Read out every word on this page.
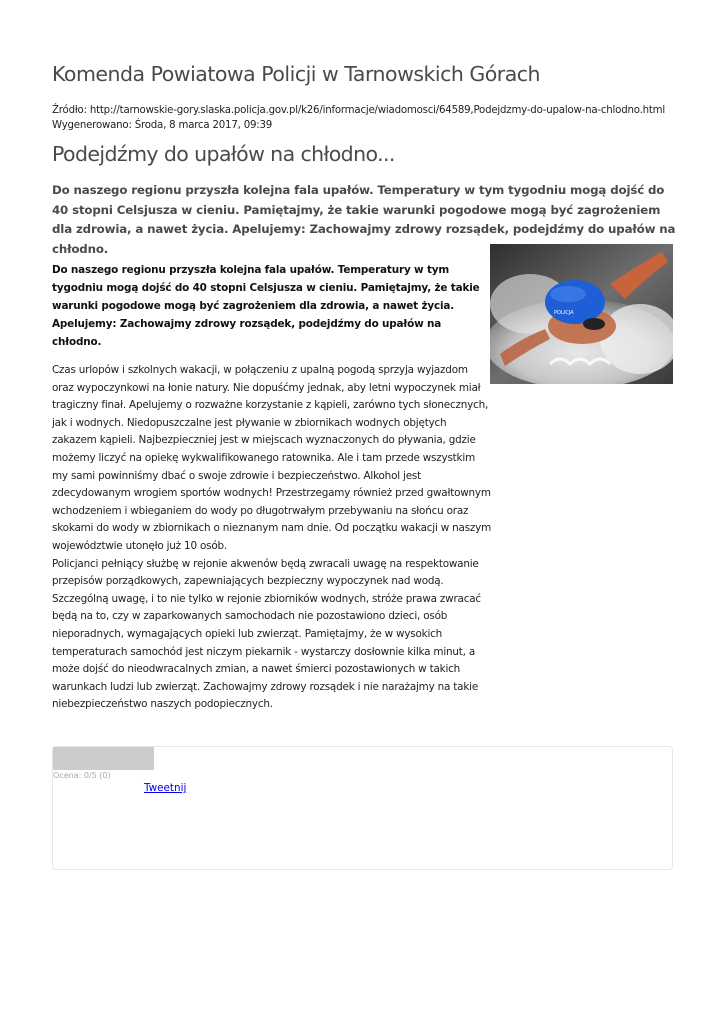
Komenda Powiatowa Policji w Tarnowskich Górach
Źródło: http://tarnowskie-gory.slaska.policja.gov.pl/k26/informacje/wiadomosci/64589,Podejdzmy-do-upalow-na-chlodno.html
Wygenerowano: Środa, 8 marca 2017, 09:39
Podejdźmy do upałów na chłodno...

Do naszego regionu przyszła kolejna fala upałów. Temperatury w tym tygodniu mogą dojść do 40 stopni Celsjusza w cieniu. Pamiętajmy, że takie warunki pogodowe mogą być zagrożeniem dla zdrowia, a nawet życia. Apelujemy: Zachowajmy zdrowy rozsądek, podejdźmy do upałów na chłodno.

POLICJA

Do naszego regionu przyszła kolejna fala upałów. Temperatury w tym tygodniu mogą dojść do 40 stopni Celsjusza w cieniu. Pamiętajmy, że takie warunki pogodowe mogą być zagrożeniem dla zdrowia, a nawet życia. Apelujemy: Zachowajmy zdrowy rozsądek, podejdźmy do upałów na chłodno.

Czas urlopów i szkolnych wakacji, w połączeniu z upalną pogodą sprzyja wyjazdom oraz wypoczynkowi na łonie natury. Nie dopuśćmy jednak, aby letni wypoczynek miał tragiczny finał. Apelujemy o rozważne korzystanie z kąpieli, zarówno tych słonecznych, jak i wodnych. Niedopuszczalne jest pływanie w zbiornikach wodnych objętych zakazem kąpieli. Najbezpieczniej jest w miejscach wyznaczonych do pływania, gdzie możemy liczyć na opiekę wykwalifikowanego ratownika. Ale i tam przede wszystkim my sami powinniśmy dbać o swoje zdrowie i bezpieczeństwo. Alkohol jest zdecydowanym wrogiem sportów wodnych! Przestrzegamy również przed gwałtownym wchodzeniem i wbieganiem do wody po długotrwałym przebywaniu na słońcu oraz skokami do wody w zbiornikach o nieznanym nam dnie. Od początku wakacji w naszym województwie utonęło już 10 osób.

Policjanci pełniący służbę w rejonie akwenów będą zwracali uwagę na respektowanie przepisów porządkowych, zapewniających bezpieczny wypoczynek nad wodą. Szczególną uwagę, i to nie tylko w rejonie zbiorników wodnych, stróże prawa zwracać będą na to, czy w zaparkowanych samochodach nie pozostawiono dzieci, osób nieporadnych, wymagających opieki lub zwierząt. Pamiętajmy, że w wysokich temperaturach samochód jest niczym piekarnik - wystarczy dosłownie kilka minut, a może dojść do nieodwracalnych zmian, a nawet śmierci pozostawionych w takich warunkach ludzi lub zwierząt. Zachowajmy zdrowy rozsądek i nie narażajmy na takie niebezpieczeństwo naszych podopiecznych.

Ocena: 0/5 (0)
Tweetnij
